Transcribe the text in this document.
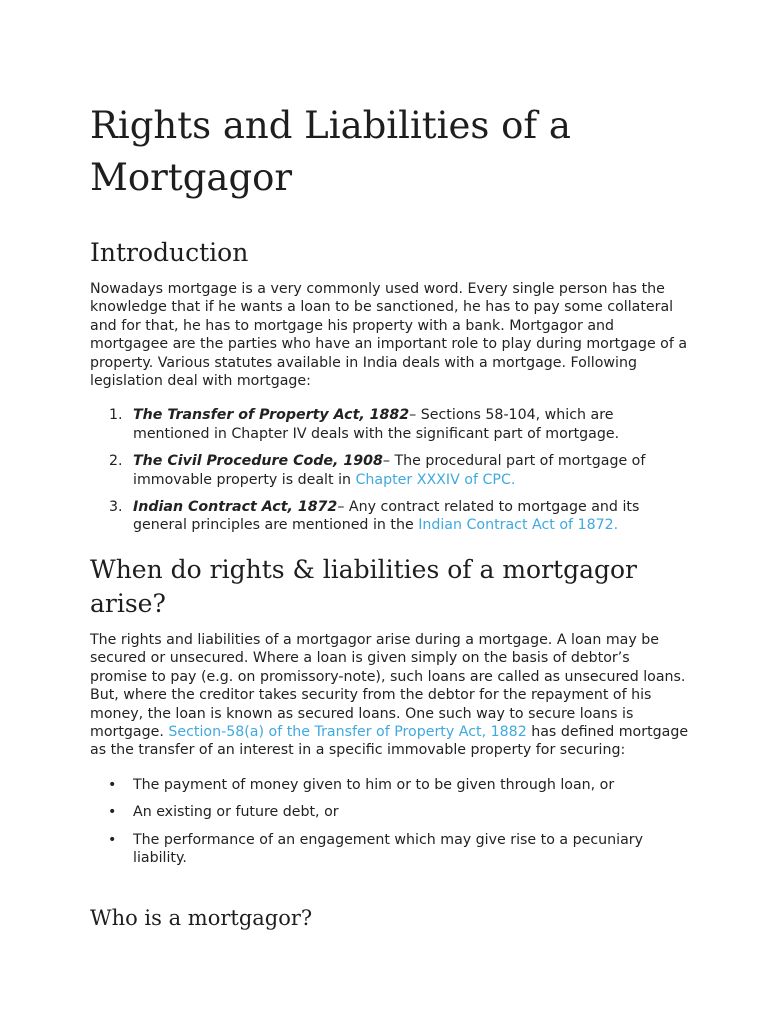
Rights and Liabilities of a Mortgagor
Introduction

Nowadays mortgage is a very commonly used word. Every single person has the knowledge that if he wants a loan to be sanctioned, he has to pay some collateral and for that, he has to mortgage his property with a bank. Mortgagor and mortgagee are the parties who have an important role to play during mortgage of a property. Various statutes available in India deals with a mortgage. Following legislation deal with mortgage:

1. The Transfer of Property Act, 1882– Sections 58-104, which are mentioned in Chapter IV deals with the significant part of mortgage.
2. The Civil Procedure Code, 1908– The procedural part of mortgage of immovable property is dealt in Chapter XXXIV of CPC.
3. Indian Contract Act, 1872– Any contract related to mortgage and its general principles are mentioned in the Indian Contract Act of 1872.
When do rights & liabilities of a mortgagor arise?

The rights and liabilities of a mortgagor arise during a mortgage. A loan may be secured or unsecured. Where a loan is given simply on the basis of debtor’s promise to pay (e.g. on promissory-note), such loans are called as unsecured loans. But, where the creditor takes security from the debtor for the repayment of his money, the loan is known as secured loans. One such way to secure loans is mortgage. Section-58(a) of the Transfer of Property Act, 1882 has defined mortgage as the transfer of an interest in a specific immovable property for securing:

• The payment of money given to him or to be given through loan, or
• An existing or future debt, or
• The performance of an engagement which may give rise to a pecuniary liability.
Who is a mortgagor?
